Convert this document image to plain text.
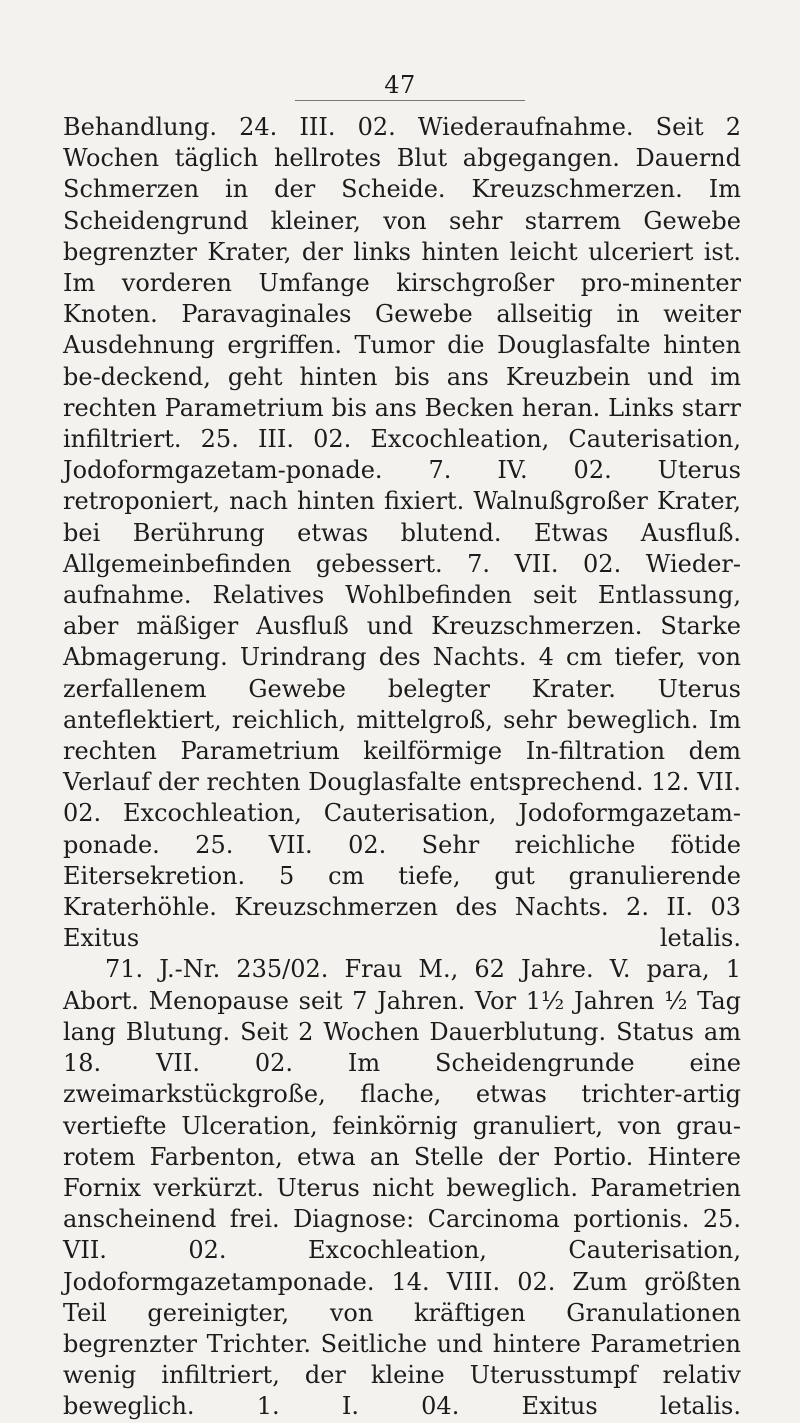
47

Behandlung. 24. III. 02. Wiederaufnahme. Seit 2 Wochen täglich hellrotes Blut abgegangen. Dauernd Schmerzen in der Scheide. Kreuzschmerzen. Im Scheidengrund kleiner, von sehr starrem Gewebe begrenzter Krater, der links hinten leicht ulceriert ist. Im vorderen Umfange kirschgroßer pro-minenter Knoten. Paravaginales Gewebe allseitig in weiter Ausdehnung ergriffen. Tumor die Douglasfalte hinten be-deckend, geht hinten bis ans Kreuzbein und im rechten Parametrium bis ans Becken heran. Links starr infiltriert. 25. III. 02. Excochleation, Cauterisation, Jodoformgazetam-ponade. 7. IV. 02. Uterus retroponiert, nach hinten fixiert. Walnußgroßer Krater, bei Berührung etwas blutend. Etwas Ausfluß. Allgemeinbefinden gebessert. 7. VII. 02. Wieder-aufnahme. Relatives Wohlbefinden seit Entlassung, aber mäßiger Ausfluß und Kreuzschmerzen. Starke Abmagerung. Urindrang des Nachts. 4 cm tiefer, von zerfallenem Gewebe belegter Krater. Uterus anteflektiert, reichlich, mittelgroß, sehr beweglich. Im rechten Parametrium keilförmige In-filtration dem Verlauf der rechten Douglasfalte entsprechend. 12. VII. 02. Excochleation, Cauterisation, Jodoformgazetam-ponade. 25. VII. 02. Sehr reichliche fötide Eitersekretion. 5 cm tiefe, gut granulierende Kraterhöhle. Kreuzschmerzen des Nachts. 2. II. 03 Exitus letalis.

71. J.-Nr. 235/02. Frau M., 62 Jahre. V. para, 1 Abort. Menopause seit 7 Jahren. Vor 1½ Jahren ½ Tag lang Blutung. Seit 2 Wochen Dauerblutung. Status am 18. VII. 02. Im Scheidengrunde eine zweimarkstückgroße, flache, etwas trichter-artig vertiefte Ulceration, feinkörnig granuliert, von grau-rotem Farbenton, etwa an Stelle der Portio. Hintere Fornix verkürzt. Uterus nicht beweglich. Parametrien anscheinend frei. Diagnose: Carcinoma portionis. 25. VII. 02. Excochleation, Cauterisation, Jodoformgazetamponade. 14. VIII. 02. Zum größten Teil gereinigter, von kräftigen Granulationen begrenzter Trichter. Seitliche und hintere Parametrien wenig infiltriert, der kleine Uterusstumpf relativ beweglich. 1. I. 04. Exitus letalis.
